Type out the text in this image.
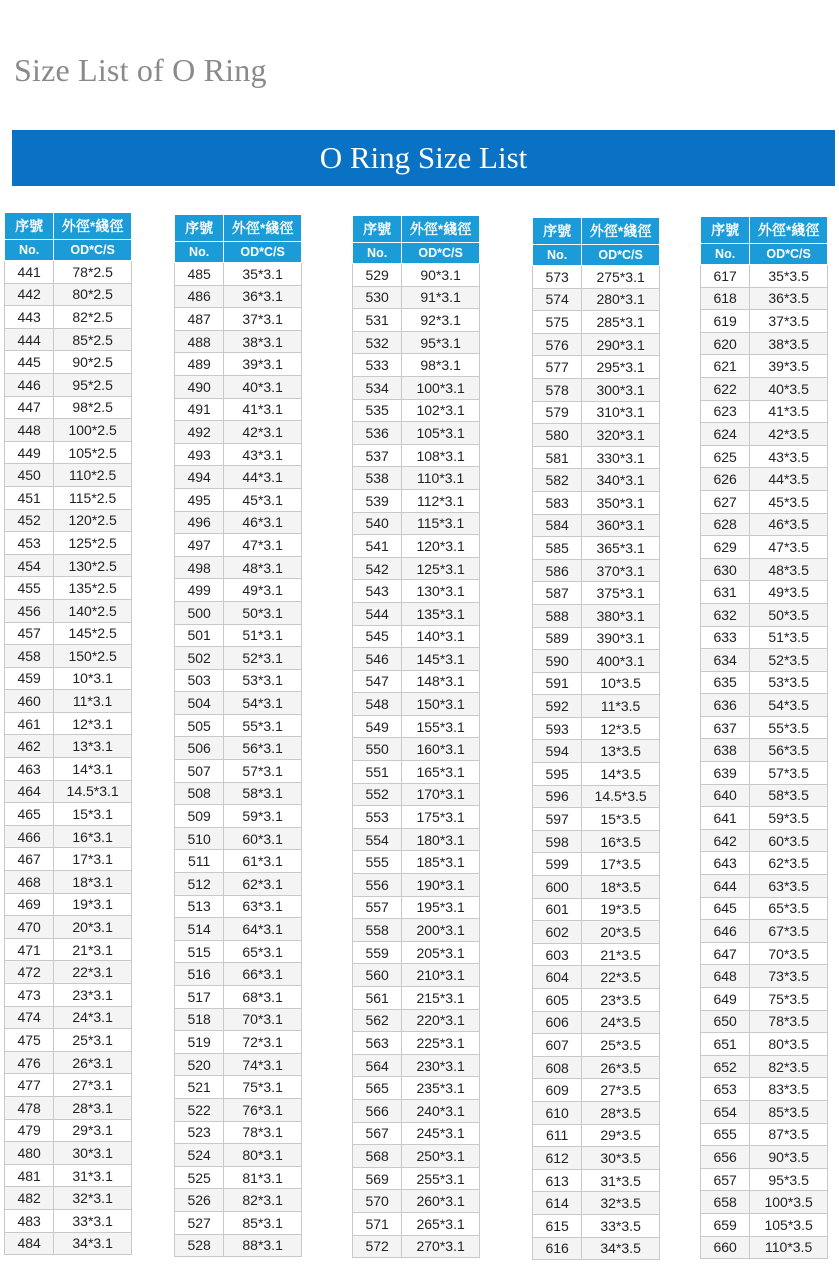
Size List of O Ring
O Ring Size List
序號	外徑*綫徑
No.	OD*C/S
441	78*2.5
442	80*2.5
443	82*2.5
444	85*2.5
445	90*2.5
446	95*2.5
447	98*2.5
448	100*2.5
449	105*2.5
450	110*2.5
451	115*2.5
452	120*2.5
453	125*2.5
454	130*2.5
455	135*2.5
456	140*2.5
457	145*2.5
458	150*2.5
459	10*3.1
460	11*3.1
461	12*3.1
462	13*3.1
463	14*3.1
464	14.5*3.1
465	15*3.1
466	16*3.1
467	17*3.1
468	18*3.1
469	19*3.1
470	20*3.1
471	21*3.1
472	22*3.1
473	23*3.1
474	24*3.1
475	25*3.1
476	26*3.1
477	27*3.1
478	28*3.1
479	29*3.1
480	30*3.1
481	31*3.1
482	32*3.1
483	33*3.1
484	34*3.1
序號	外徑*綫徑
No.	OD*C/S
485	35*3.1
486	36*3.1
487	37*3.1
488	38*3.1
489	39*3.1
490	40*3.1
491	41*3.1
492	42*3.1
493	43*3.1
494	44*3.1
495	45*3.1
496	46*3.1
497	47*3.1
498	48*3.1
499	49*3.1
500	50*3.1
501	51*3.1
502	52*3.1
503	53*3.1
504	54*3.1
505	55*3.1
506	56*3.1
507	57*3.1
508	58*3.1
509	59*3.1
510	60*3.1
511	61*3.1
512	62*3.1
513	63*3.1
514	64*3.1
515	65*3.1
516	66*3.1
517	68*3.1
518	70*3.1
519	72*3.1
520	74*3.1
521	75*3.1
522	76*3.1
523	78*3.1
524	80*3.1
525	81*3.1
526	82*3.1
527	85*3.1
528	88*3.1
序號	外徑*綫徑
No.	OD*C/S
529	90*3.1
530	91*3.1
531	92*3.1
532	95*3.1
533	98*3.1
534	100*3.1
535	102*3.1
536	105*3.1
537	108*3.1
538	110*3.1
539	112*3.1
540	115*3.1
541	120*3.1
542	125*3.1
543	130*3.1
544	135*3.1
545	140*3.1
546	145*3.1
547	148*3.1
548	150*3.1
549	155*3.1
550	160*3.1
551	165*3.1
552	170*3.1
553	175*3.1
554	180*3.1
555	185*3.1
556	190*3.1
557	195*3.1
558	200*3.1
559	205*3.1
560	210*3.1
561	215*3.1
562	220*3.1
563	225*3.1
564	230*3.1
565	235*3.1
566	240*3.1
567	245*3.1
568	250*3.1
569	255*3.1
570	260*3.1
571	265*3.1
572	270*3.1
序號	外徑*綫徑
No.	OD*C/S
573	275*3.1
574	280*3.1
575	285*3.1
576	290*3.1
577	295*3.1
578	300*3.1
579	310*3.1
580	320*3.1
581	330*3.1
582	340*3.1
583	350*3.1
584	360*3.1
585	365*3.1
586	370*3.1
587	375*3.1
588	380*3.1
589	390*3.1
590	400*3.1
591	10*3.5
592	11*3.5
593	12*3.5
594	13*3.5
595	14*3.5
596	14.5*3.5
597	15*3.5
598	16*3.5
599	17*3.5
600	18*3.5
601	19*3.5
602	20*3.5
603	21*3.5
604	22*3.5
605	23*3.5
606	24*3.5
607	25*3.5
608	26*3.5
609	27*3.5
610	28*3.5
611	29*3.5
612	30*3.5
613	31*3.5
614	32*3.5
615	33*3.5
616	34*3.5
序號	外徑*綫徑
No.	OD*C/S
617	35*3.5
618	36*3.5
619	37*3.5
620	38*3.5
621	39*3.5
622	40*3.5
623	41*3.5
624	42*3.5
625	43*3.5
626	44*3.5
627	45*3.5
628	46*3.5
629	47*3.5
630	48*3.5
631	49*3.5
632	50*3.5
633	51*3.5
634	52*3.5
635	53*3.5
636	54*3.5
637	55*3.5
638	56*3.5
639	57*3.5
640	58*3.5
641	59*3.5
642	60*3.5
643	62*3.5
644	63*3.5
645	65*3.5
646	67*3.5
647	70*3.5
648	73*3.5
649	75*3.5
650	78*3.5
651	80*3.5
652	82*3.5
653	83*3.5
654	85*3.5
655	87*3.5
656	90*3.5
657	95*3.5
658	100*3.5
659	105*3.5
660	110*3.5
